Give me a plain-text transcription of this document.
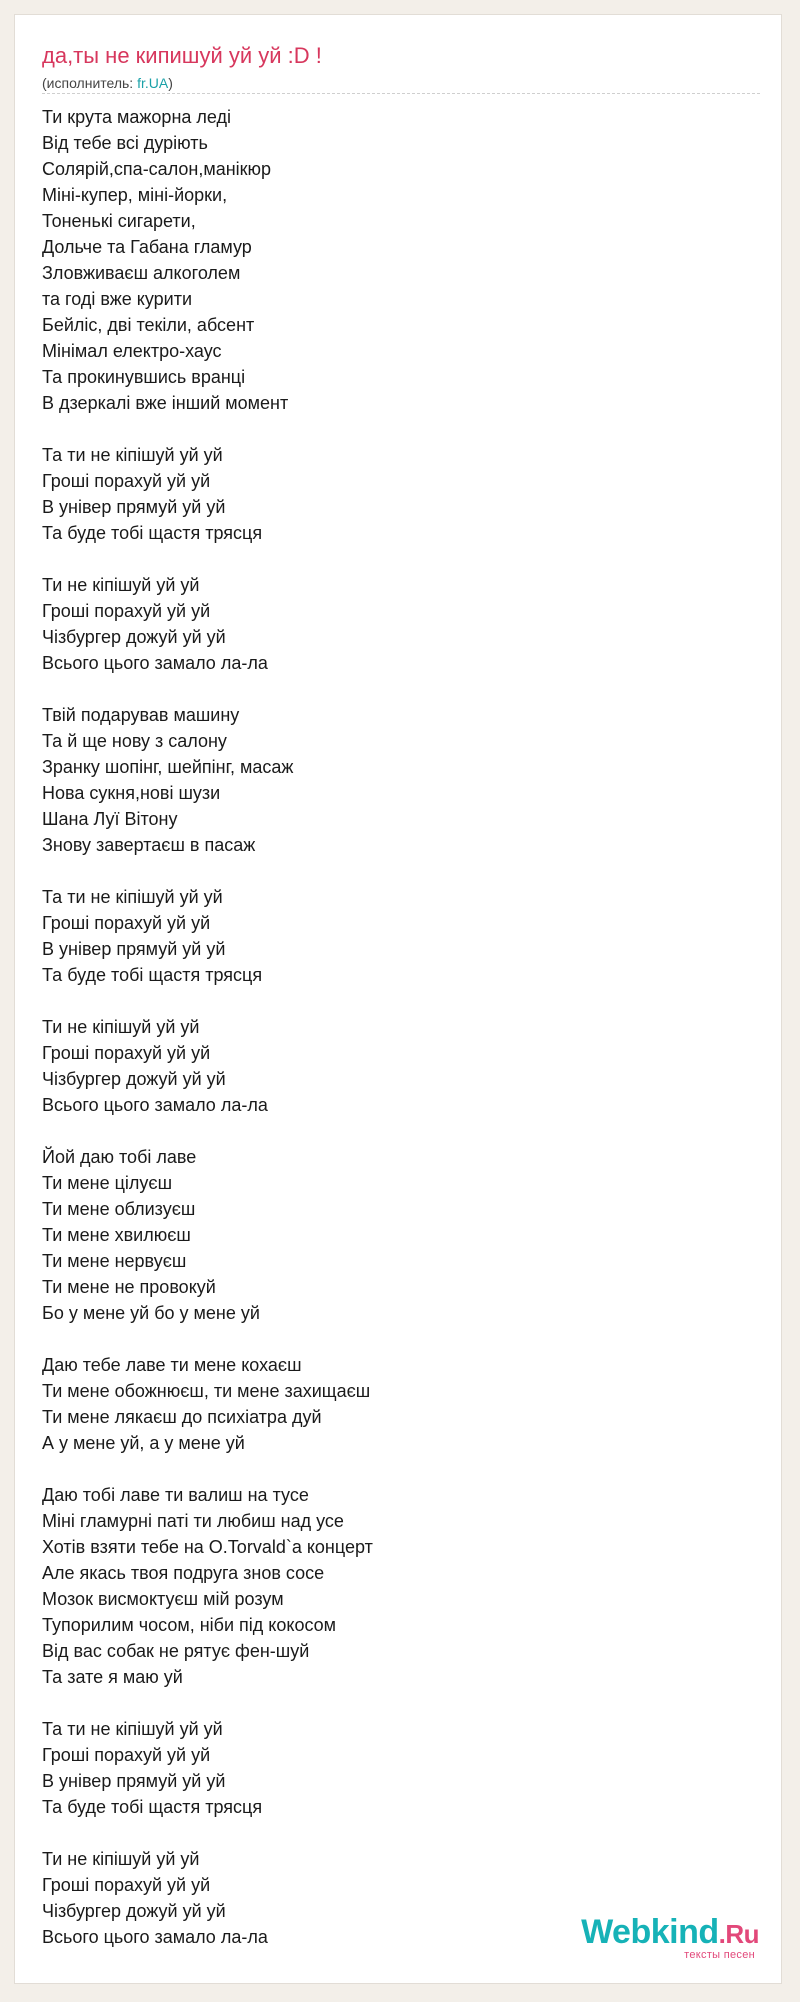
да,ты не кипишуй уй уй :D !
(исполнитель: fr.UA)
Ти крута мажорна леді
Від тебе всі дуріють
Солярій,спа-салон,манікюр
Міні-купер, міні-йорки,
Тоненькі сигарети,
Дольче та Габана гламур
Зловживаєш алкоголем
та годі вже курити
Бейліс, дві текіли, абсент
Мінімал електро-хаус
Та прокинувшись вранці
В дзеркалі вже інший момент
Та ти не кіпішуй уй уй
Гроші порахуй уй уй
В універ прямуй уй уй
Та буде тобі щастя трясця
Ти не кіпішуй уй уй
Гроші порахуй уй уй
Чізбургер дожуй уй уй
Всього цього замало ла-ла
Твій подарував машину
Та й ще нову з салону
Зранку шопінг, шейпінг, масаж
Нова сукня,нові шузи
Шана Луї Вітону
Знову завертаєш в пасаж
Та ти не кіпішуй уй уй
Гроші порахуй уй уй
В універ прямуй уй уй
Та буде тобі щастя трясця
Ти не кіпішуй уй уй
Гроші порахуй уй уй
Чізбургер дожуй уй уй
Всього цього замало ла-ла
Йой даю тобі лаве
Ти мене цілуєш
Ти мене облизуєш
Ти мене хвилюєш
Ти мене нервуєш
Ти мене не провокуй
Бо у мене уй бо у мене уй
Даю тебе лаве ти мене кохаєш
Ти мене обожнюєш, ти мене захищаєш
Ти мене лякаєш до психіатра дуй
А у мене уй, а у мене уй
Даю тобі лаве ти валиш на тусе
Міні гламурні паті ти любиш над усе
Хотів взяти тебе на O.Torvald`a концерт
Але якась твоя подруга знов сосе
Мозок висмоктуєш мій розум
Тупорилим чосом, ніби під кокосом
Від вас собак не рятує фен-шуй
Та зате я маю уй
Та ти не кіпішуй уй уй
Гроші порахуй уй уй
В універ прямуй уй уй
Та буде тобі щастя трясця
Ти не кіпішуй уй уй
Гроші порахуй уй уй
Чізбургер дожуй уй уй
Всього цього замало ла-ла	Webkind.Ru
тексты песен
